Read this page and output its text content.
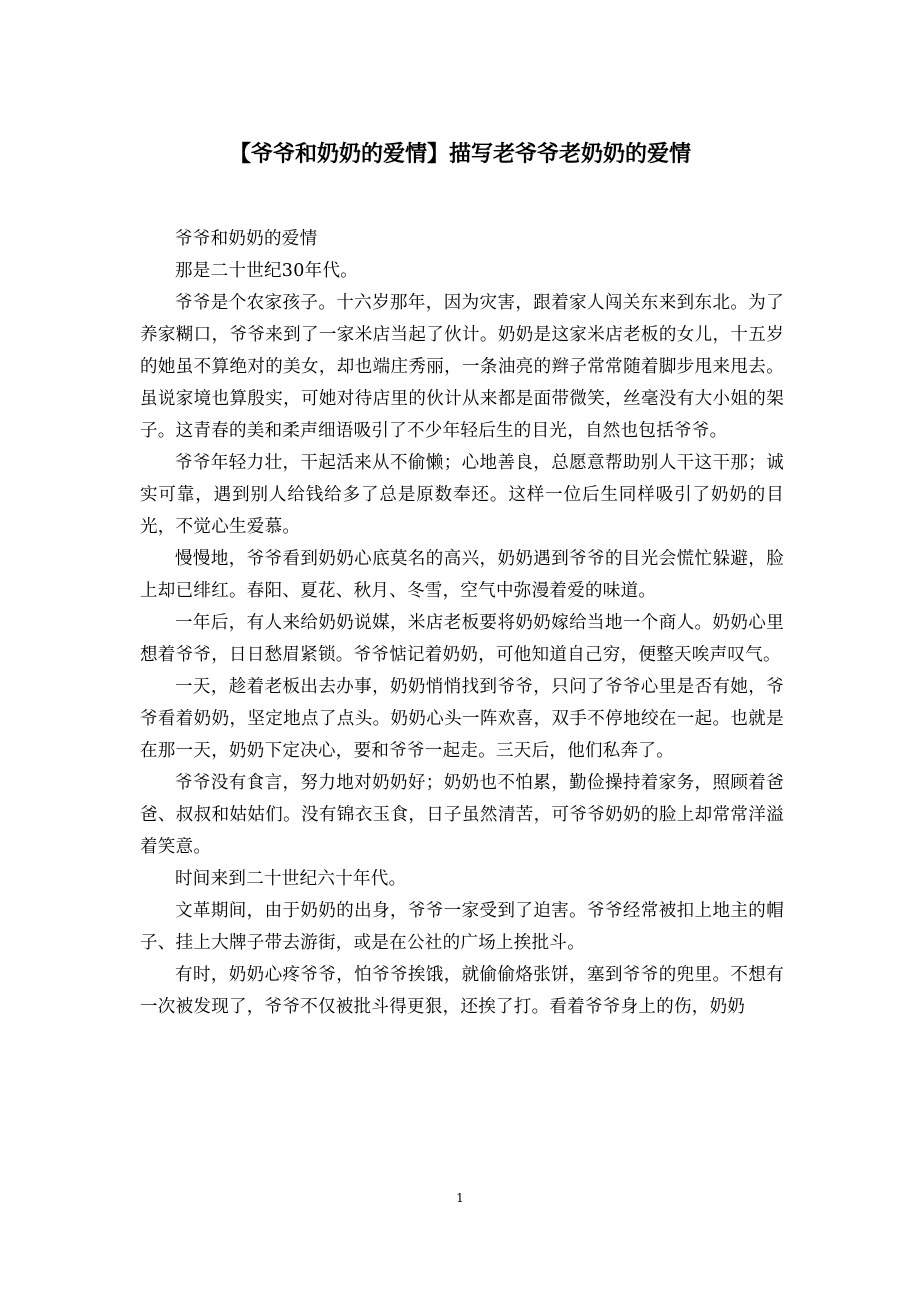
【爷爷和奶奶的爱情】描写老爷爷老奶奶的爱情

爷爷和奶奶的爱情

那是二十世纪30年代。

爷爷是个农家孩子。十六岁那年，因为灾害，跟着家人闯关东来到东北。为了养家糊口，爷爷来到了一家米店当起了伙计。奶奶是这家米店老板的女儿，十五岁的她虽不算绝对的美女，却也端庄秀丽，一条油亮的辫子常常随着脚步甩来甩去。虽说家境也算殷实，可她对待店里的伙计从来都是面带微笑，丝毫没有大小姐的架子。这青春的美和柔声细语吸引了不少年轻后生的目光，自然也包括爷爷。

爷爷年轻力壮，干起活来从不偷懒；心地善良，总愿意帮助别人干这干那；诚实可靠，遇到别人给钱给多了总是原数奉还。这样一位后生同样吸引了奶奶的目光，不觉心生爱慕。

慢慢地，爷爷看到奶奶心底莫名的高兴，奶奶遇到爷爷的目光会慌忙躲避，脸上却已绯红。春阳、夏花、秋月、冬雪，空气中弥漫着爱的味道。

一年后，有人来给奶奶说媒，米店老板要将奶奶嫁给当地一个商人。奶奶心里想着爷爷，日日愁眉紧锁。爷爷惦记着奶奶，可他知道自己穷，便整天唉声叹气。

一天，趁着老板出去办事，奶奶悄悄找到爷爷，只问了爷爷心里是否有她，爷爷看着奶奶，坚定地点了点头。奶奶心头一阵欢喜，双手不停地绞在一起。也就是在那一天，奶奶下定决心，要和爷爷一起走。三天后，他们私奔了。

爷爷没有食言，努力地对奶奶好；奶奶也不怕累，勤俭操持着家务，照顾着爸爸、叔叔和姑姑们。没有锦衣玉食，日子虽然清苦，可爷爷奶奶的脸上却常常洋溢着笑意。

时间来到二十世纪六十年代。

文革期间，由于奶奶的出身，爷爷一家受到了迫害。爷爷经常被扣上地主的帽子、挂上大牌子带去游街，或是在公社的广场上挨批斗。

有时，奶奶心疼爷爷，怕爷爷挨饿，就偷偷烙张饼，塞到爷爷的兜里。不想有一次被发现了，爷爷不仅被批斗得更狠，还挨了打。看着爷爷身上的伤，奶奶

1
